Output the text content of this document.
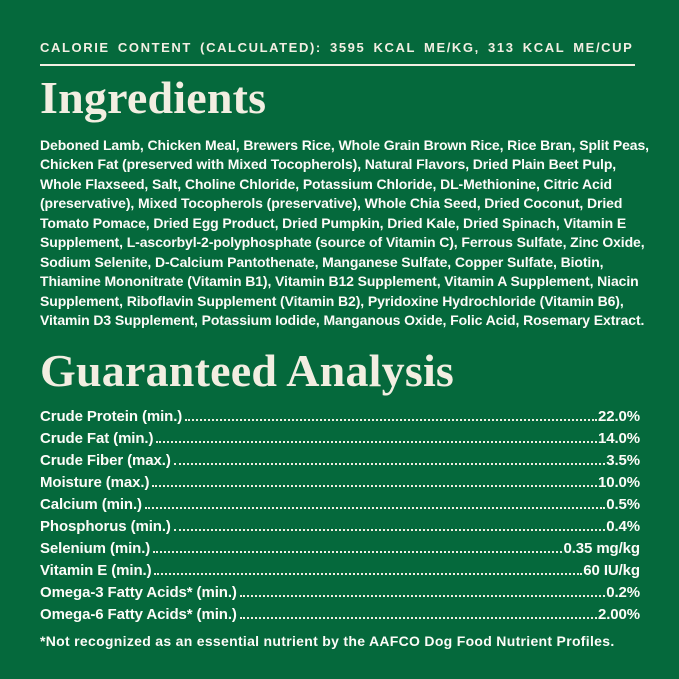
CALORIE CONTENT (CALCULATED): 3595 KCAL ME/KG, 313 KCAL ME/CUP
Ingredients
Deboned Lamb, Chicken Meal, Brewers Rice, Whole Grain Brown Rice, Rice Bran, Split Peas, Chicken Fat (preserved with Mixed Tocopherols), Natural Flavors, Dried Plain Beet Pulp, Whole Flaxseed, Salt, Choline Chloride, Potassium Chloride, DL-Methionine, Citric Acid (preservative), Mixed Tocopherols (preservative), Whole Chia Seed, Dried Coconut, Dried Tomato Pomace, Dried Egg Product, Dried Pumpkin, Dried Kale, Dried Spinach, Vitamin E Supplement, L-ascorbyl-2-polyphosphate (source of Vitamin C), Ferrous Sulfate, Zinc Oxide, Sodium Selenite, D-Calcium Pantothenate, Manganese Sulfate, Copper Sulfate, Biotin, Thiamine Mononitrate (Vitamin B1), Vitamin B12 Supplement, Vitamin A Supplement, Niacin Supplement, Riboflavin Supplement (Vitamin B2), Pyridoxine Hydrochloride (Vitamin B6), Vitamin D3 Supplement, Potassium Iodide, Manganous Oxide, Folic Acid, Rosemary Extract.
Guaranteed Analysis
Crude Protein (min.)	22.0%
Crude Fat (min.)	14.0%
Crude Fiber (max.)	3.5%
Moisture (max.)	10.0%
Calcium (min.)	0.5%
Phosphorus (min.)	0.4%
Selenium (min.)	0.35 mg/kg
Vitamin E (min.)	60 IU/kg
Omega-3 Fatty Acids* (min.)	0.2%
Omega-6 Fatty Acids* (min.)	2.00%
*Not recognized as an essential nutrient by the AAFCO Dog Food Nutrient Profiles.
